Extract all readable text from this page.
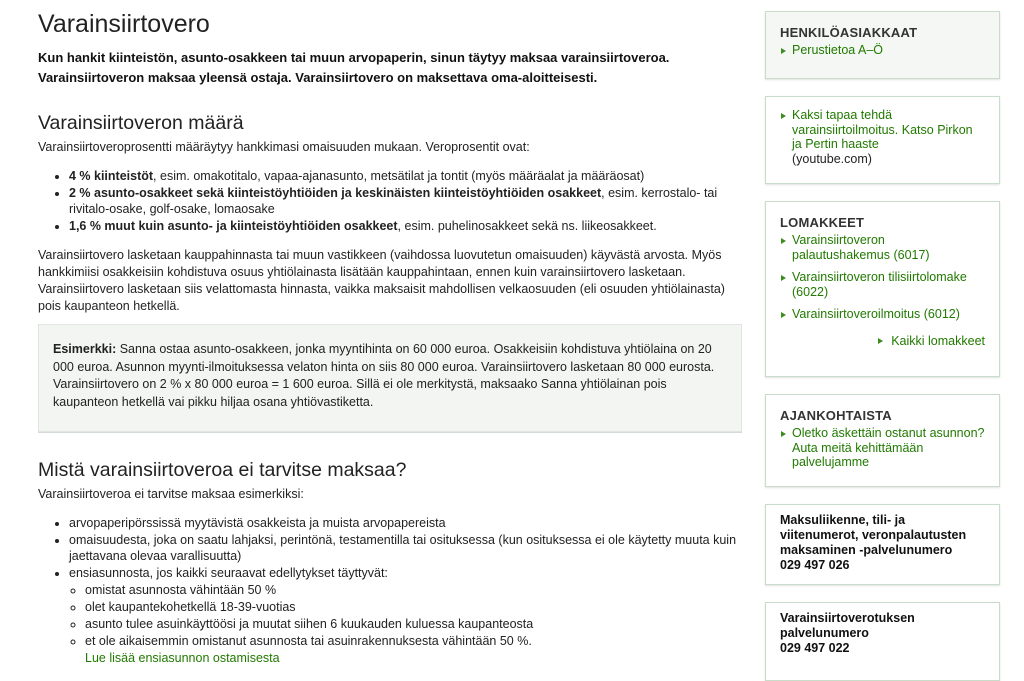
Varainsiirtovero

Kun hankit kiinteistön, asunto-osakkeen tai muun arvopaperin, sinun täytyy maksaa varainsiirtoveroa. Varainsiirtoveron maksaa yleensä ostaja. Varainsiirtovero on maksettava oma-aloitteisesti.

Varainsiirtoveron määrä

Varainsiirtoveroprosentti määräytyy hankkimasi omaisuuden mukaan. Veroprosentit ovat:

• 4 % kiinteistöt, esim. omakotitalo, vapaa-ajanasunto, metsätilat ja tontit (myös määräalat ja määräosat)
• 2 % asunto-osakkeet sekä kiinteistöyhtiöiden ja keskinäisten kiinteistöyhtiöiden osakkeet, esim. kerrostalo- tai rivitalo-osake, golf-osake, lomaosake
• 1,6 % muut kuin asunto- ja kiinteistöyhtiöiden osakkeet, esim. puhelinosakkeet sekä ns. liikeosakkeet.

Varainsiirtovero lasketaan kauppahinnasta tai muun vastikkeen (vaihdossa luovutetun omaisuuden) käyvästä arvosta. Myös hankkimiisi osakkeisiin kohdistuva osuus yhtiölainasta lisätään kauppahintaan, ennen kuin varainsiirtovero lasketaan. Varainsiirtovero lasketaan siis velattomasta hinnasta, vaikka maksaisit mahdollisen velkaosuuden (eli osuuden yhtiölainasta) pois kaupanteon hetkellä.

Esimerkki: Sanna ostaa asunto-osakkeen, jonka myyntihinta on 60 000 euroa. Osakkeisiin kohdistuva yhtiölaina on 20 000 euroa. Asunnon myynti-ilmoituksessa velaton hinta on siis 80 000 euroa. Varainsiirtovero lasketaan 80 000 eurosta. Varainsiirtovero on 2 % x 80 000 euroa = 1 600 euroa. Sillä ei ole merkitystä, maksaako Sanna yhtiölainan pois kaupanteon hetkellä vai pikku hiljaa osana yhtiövastiketta.
Mistä varainsiirtoveroa ei tarvitse maksaa?

Varainsiirtoveroa ei tarvitse maksaa esimerkiksi:

• arvopaperipörssissä myytävistä osakkeista ja muista arvopapereista
• omaisuudesta, joka on saatu lahjaksi, perintönä, testamentilla tai osituksessa (kun osituksessa ei ole käytetty muuta kuin jaettavana olevaa varallisuutta)
• ensiasunnosta, jos kaikki seuraavat edellytykset täyttyvät:
◦ omistat asunnosta vähintään 50 %
◦ olet kaupantekohetkellä 18-39-vuotias
◦ asunto tulee asuinkäyttöösi ja muutat siihen 6 kuukauden kuluessa kaupanteosta
◦ et ole aikaisemmin omistanut asunnosta tai asuinrakennuksesta vähintään 50 %.
Lue lisää ensiasunnon ostamisesta
HENKILÖASIAKKAAT
Perustietoa A–Ö
Kaksi tapaa tehdä varainsiirtoilmoitus. Katso Pirkon ja Pertin haaste
(youtube.com)
LOMAKKEET
Varainsiirtoveron palautushakemus (6017)
Varainsiirtoveron tilisiirtolomake (6022)
Varainsiirtoveroilmoitus (6012)
Kaikki lomakkeet
AJANKOHTAISTA
Oletko äskettäin ostanut asunnon? Auta meitä kehittämään palvelujamme
Maksuliikenne, tili- ja viitenumerot, veronpalautusten maksaminen -palvelunumero
029 497 026
Varainsiirtoverotuksen palvelunumero
029 497 022
